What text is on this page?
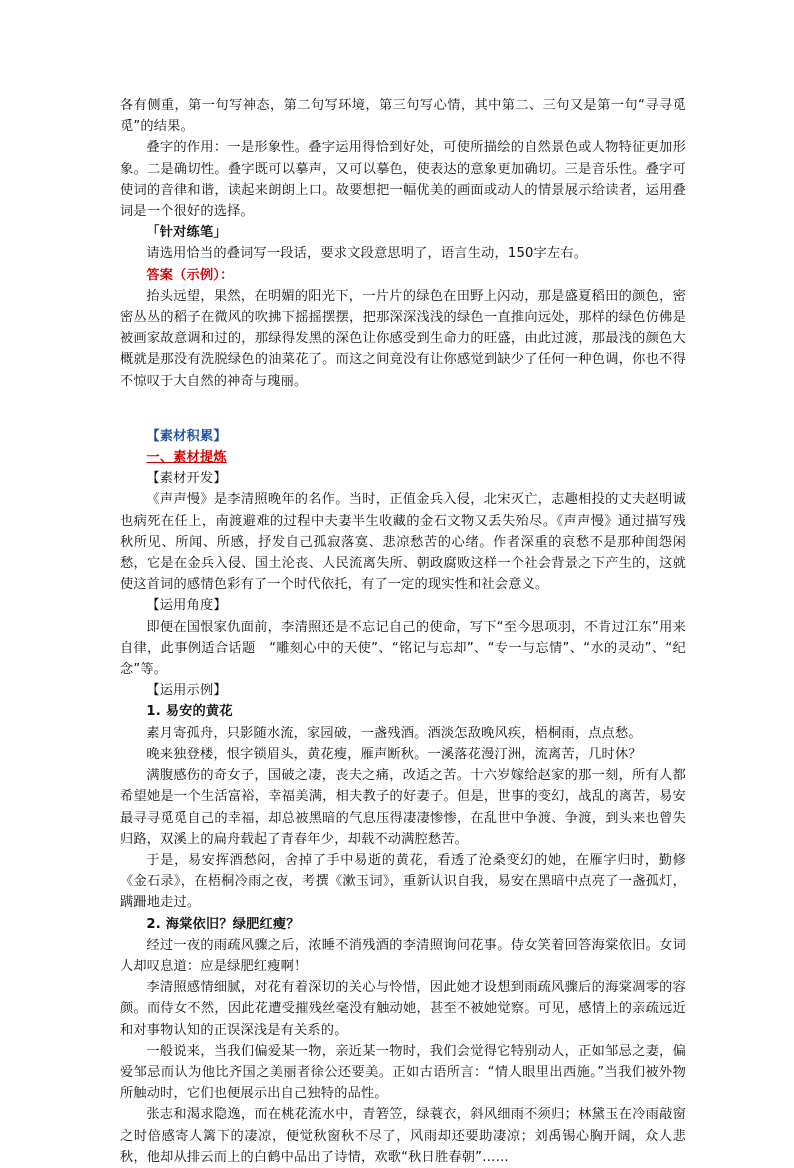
各有侧重，第一句写神态，第二句写环境，第三句写心情，其中第二、三句又是第一句“寻寻觅觅”的结果。

叠字的作用：一是形象性。叠字运用得恰到好处，可使所描绘的自然景色或人物特征更加形象。二是确切性。叠字既可以摹声，又可以摹色，使表达的意象更加确切。三是音乐性。叠字可使词的音律和谐，读起来朗朗上口。故要想把一幅优美的画面或动人的情景展示给读者，运用叠词是一个很好的选择。

「针对练笔」

请选用恰当的叠词写一段话，要求文段意思明了，语言生动，150字左右。

答案（示例）：

抬头远望，果然，在明媚的阳光下，一片片的绿色在田野上闪动，那是盛夏稻田的颜色，密密丛丛的稻子在微风的吹拂下摇摇摆摆，把那深深浅浅的绿色一直推向远处，那样的绿色仿佛是被画家故意调和过的，那绿得发黑的深色让你感受到生命力的旺盛，由此过渡，那最浅的颜色大概就是那没有洗脱绿色的油菜花了。而这之间竟没有让你感觉到缺少了任何一种色调，你也不得不惊叹于大自然的神奇与瑰丽。

【素材积累】

一、素材提炼

【素材开发】

《声声慢》是李清照晚年的名作。当时，正值金兵入侵，北宋灭亡，志趣相投的丈夫赵明诚也病死在任上，南渡避难的过程中夫妻半生收藏的金石文物又丢失殆尽。《声声慢》通过描写残秋所见、所闻、所感，抒发自己孤寂落寞、悲凉愁苦的心绪。作者深重的哀愁不是那种闺怨闲愁，它是在金兵入侵、国土沦丧、人民流离失所、朝政腐败这样一个社会背景之下产生的，这就使这首词的感情色彩有了一个时代依托，有了一定的现实性和社会意义。

【运用角度】

即便在国恨家仇面前，李清照还是不忘记自己的使命，写下“至今思项羽，不肯过江东”用来自律，此事例适合话题　“雕刻心中的天使”、“铭记与忘却”、“专一与忘情”、“水的灵动”、“纪念”等。

【运用示例】

1. 易安的黄花

素月寄孤舟，只影随水流，家园破，一盏残酒。酒淡怎敌晚风疾，梧桐雨，点点愁。

晚来独登楼，恨字锁眉头，黄花瘦，雁声断秋。一溪落花漫汀洲，流离苦，几时休？

满腹感伤的奇女子，国破之凄，丧夫之痛，改适之苦。十六岁嫁给赵家的那一刻，所有人都希望她是一个生活富裕，幸福美满，相夫教子的好妻子。但是，世事的变幻，战乱的离苦，易安最寻寻觅觅自己的幸福，却总被黑暗的气息压得凄凄惨惨，在乱世中争渡、争渡，到头来也曾失归路，双溪上的扁舟载起了青春年少，却载不动满腔愁苦。

于是，易安挥酒愁闷，舍掉了手中易逝的黄花，看透了沧桑变幻的她，在雁字归时，勤修《金石录》，在梧桐冷雨之夜，考撰《漱玉词》，重新认识自我，易安在黑暗中点亮了一盏孤灯，蹒跚地走过。

2. 海棠依旧？绿肥红瘦？

经过一夜的雨疏风骤之后，浓睡不消残酒的李清照询问花事。侍女笑着回答海棠依旧。女词人却叹息道：应是绿肥红瘦啊！

李清照感情细腻，对花有着深切的关心与怜惜，因此她才设想到雨疏风骤后的海棠凋零的容颜。而侍女不然，因此花遭受摧残丝毫没有触动她，甚至不被她觉察。可见，感情上的亲疏远近和对事物认知的正误深浅是有关系的。

一般说来，当我们偏爱某一物，亲近某一物时，我们会觉得它特别动人，正如邹忌之妻，偏爱邹忌而认为他比齐国之美丽者徐公还要美。正如古语所言：“情人眼里出西施。”当我们被外物所触动时，它们也便展示出自己独特的品性。

张志和渴求隐逸，而在桃花流水中，青箬笠，绿蓑衣，斜风细雨不须归；林黛玉在冷雨敲窗之时倍感寄人篱下的凄凉，便觉秋窗秋不尽了，风雨却还要助凄凉；刘禹锡心胸开阔，众人悲秋，他却从排云而上的白鹤中品出了诗情，欢歌“秋日胜春朝”……
